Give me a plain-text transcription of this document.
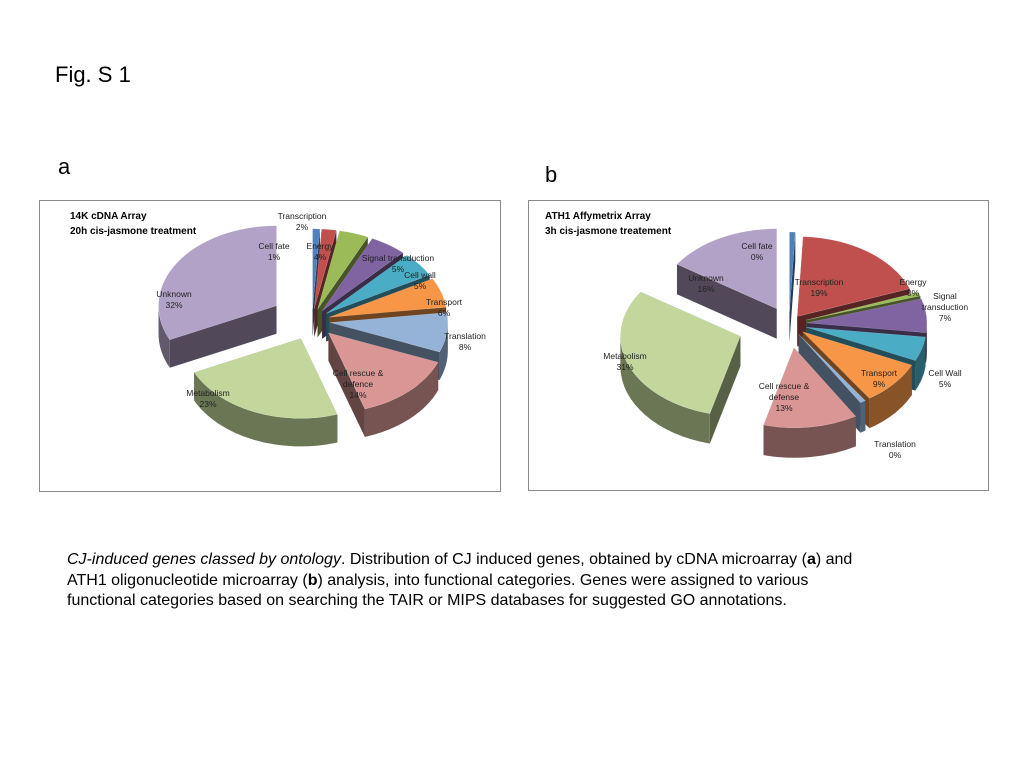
Fig. S 1
a	b
14K cDNA Array
20h cis-jasmone treatment
Cell fate 1%
Transcription 2%
Energy 4%	Signal transduction 5%
Cell wall 5%
Transport 6%
Translation 8%
Cell rescue & defence 14%
Metabolism 23%
Unknown 32%
ATH1 Affymetrix Array
3h cis-jasmone treatement
Cell fate 0%
Transcription 19%
Energy 0%	Signal transduction 7%
Cell Wall 5%
Transport 9%
Translation 0%
Cell rescue & defense 13%
Metabolism 31%
Unknown 16%
CJ-induced genes classed by ontology. Distribution of CJ induced genes, obtained by cDNA microarray (a) and ATH1 oligonucleotide microarray (b) analysis, into functional categories. Genes were assigned to various functional categories based on searching the TAIR or MIPS databases for suggested GO annotations.
